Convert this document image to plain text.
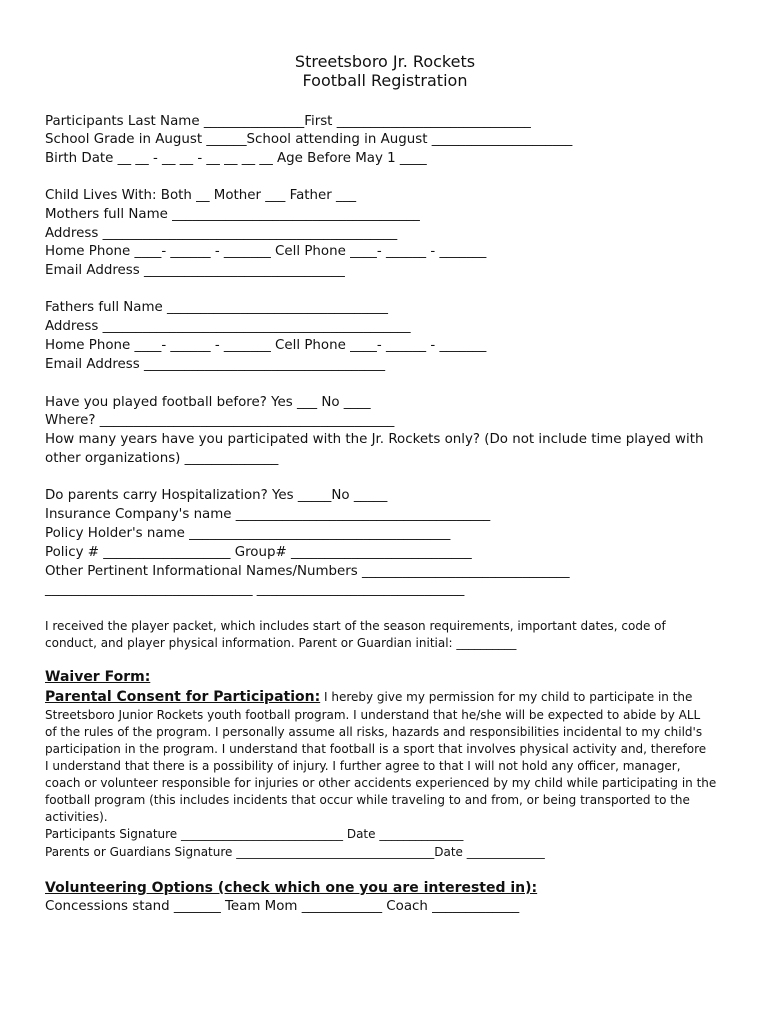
Streetsboro Jr. Rockets
Football Registration
Participants Last Name _______________First _____________________________
School Grade in August ______School attending in August _____________________
Birth Date __ __ - __ __ - __ __ __ __ Age Before May 1 ____
Child Lives With: Both __ Mother ___ Father ___
Mothers full Name _____________________________________
Address ____________________________________________
Home Phone ____- ______ - _______ Cell Phone ____- ______ - _______
Email Address ______________________________
Fathers full Name _________________________________
Address ______________________________________________
Home Phone ____- ______ - _______ Cell Phone ____- ______ - _______
Email Address ____________________________________
Have you played football before? Yes ___ No ____
Where? ____________________________________________
How many years have you participated with the Jr. Rockets only? (Do not include time played with
other organizations) ______________
Do parents carry Hospitalization? Yes _____No _____
Insurance Company's name ______________________________________
Policy Holder's name _______________________________________
Policy # ___________________ Group# ___________________________
Other Pertinent Informational Names/Numbers _______________________________
_______________________________ _______________________________
I received the player packet, which includes start of the season requirements, important dates, code of
conduct, and player physical information. Parent or Guardian initial: __________
Waiver Form:
Parental Consent for Participation: I hereby give my permission for my child to participate in the
Streetsboro Junior Rockets youth football program. I understand that he/she will be expected to abide by ALL
of the rules of the program. I personally assume all risks, hazards and responsibilities incidental to my child's
participation in the program. I understand that football is a sport that involves physical activity and, therefore
I understand that there is a possibility of injury. I further agree to that I will not hold any officer, manager,
coach or volunteer responsible for injuries or other accidents experienced by my child while participating in the
football program (this includes incidents that occur while traveling to and from, or being transported to the
activities).
Participants Signature ___________________________ Date ______________
Parents or Guardians Signature _________________________________Date _____________
Volunteering Options (check which one you are interested in):
Concessions stand _______ Team Mom ____________ Coach _____________
